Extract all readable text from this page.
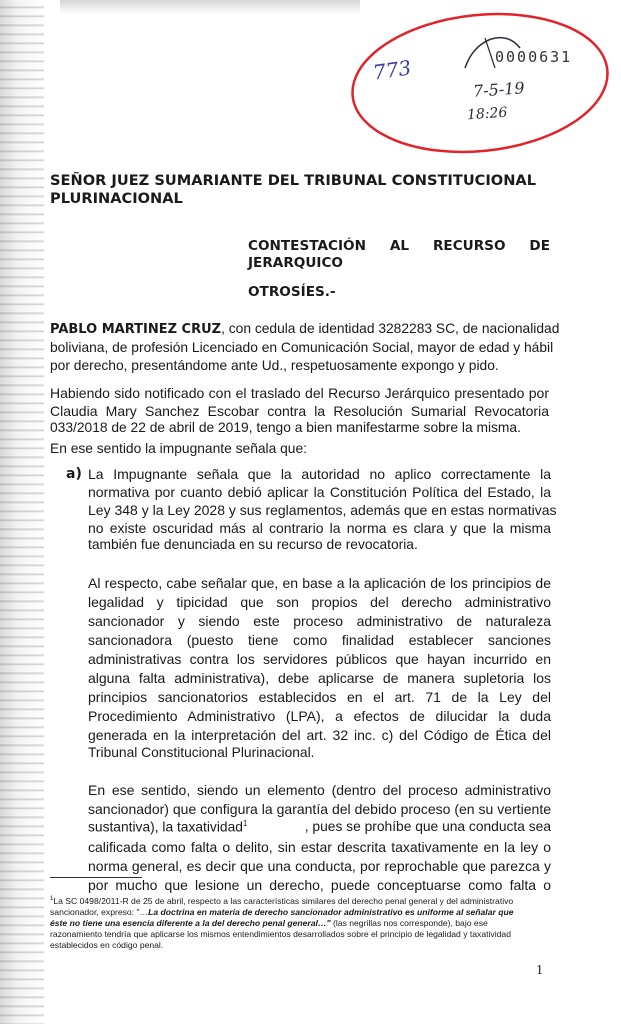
773	0000631
7-5-19
18:26
SEÑOR JUEZ SUMARIANTE DEL TRIBUNAL CONSTITUCIONAL
PLURINACIONAL
CONTESTACIÓN AL RECURSO DE
JERARQUICO
OTROSÍES.-
PABLO MARTINEZ CRUZ, con cedula de identidad 3282283 SC, de nacionalidad
boliviana, de profesión Licenciado en Comunicación Social, mayor de edad y hábil
por derecho, presentándome ante Ud., respetuosamente expongo y pido.
Habiendo sido notificado con el traslado del Recurso Jerárquico presentado por
Claudia Mary Sanchez Escobar contra la Resolución Sumarial Revocatoria
033/2018 de 22 de abril de 2019, tengo a bien manifestarme sobre la misma.
En ese sentido la impugnante señala que:
a) La Impugnante señala que la autoridad no aplico correctamente la
normativa por cuanto debió aplicar la Constitución Política del Estado, la
Ley 348 y la Ley 2028 y sus reglamentos, además que en estas normativas
no existe oscuridad más al contrario la norma es clara y que la misma
también fue denunciada en su recurso de revocatoria.
Al respecto, cabe señalar que, en base a la aplicación de los principios de
legalidad y tipicidad que son propios del derecho administrativo
sancionador y siendo este proceso administrativo de naturaleza
sancionadora (puesto tiene como finalidad establecer sanciones
administrativas contra los servidores públicos que hayan incurrido en
alguna falta administrativa), debe aplicarse de manera supletoria los
principios sancionatorios establecidos en el art. 71 de la Ley del
Procedimiento Administrativo (LPA), a efectos de dilucidar la duda
generada en la interpretación del art. 32 inc. c) del Código de Ética del
Tribunal Constitucional Plurinacional.
En ese sentido, siendo un elemento (dentro del proceso administrativo
sancionador) que configura la garantía del debido proceso (en su vertiente
sustantiva), la taxatividad$^1$	, pues se prohíbe que una conducta sea
calificada como falta o delito, sin estar descrita taxativamente en la ley o
norma general, es decir que una conducta, por reprochable que parezca y
por mucho que lesione un derecho, puede conceptuarse como falta o
$^1$La SC 0498/2011-R de 25 de abril, respecto a las características similares del derecho penal general y del administrativo
sancionador, expreso: "…La doctrina en materia de derecho sancionador administrativo es uniforme al señalar que
éste no tiene una esencia diferente a la del derecho penal general…" (las negrillas nos corresponde), bajo ese
razonamiento tendría que aplicarse los mismos entendimientos desarrollados sobre el principio de legalidad y taxatividad
establecidos en código penal.
1
